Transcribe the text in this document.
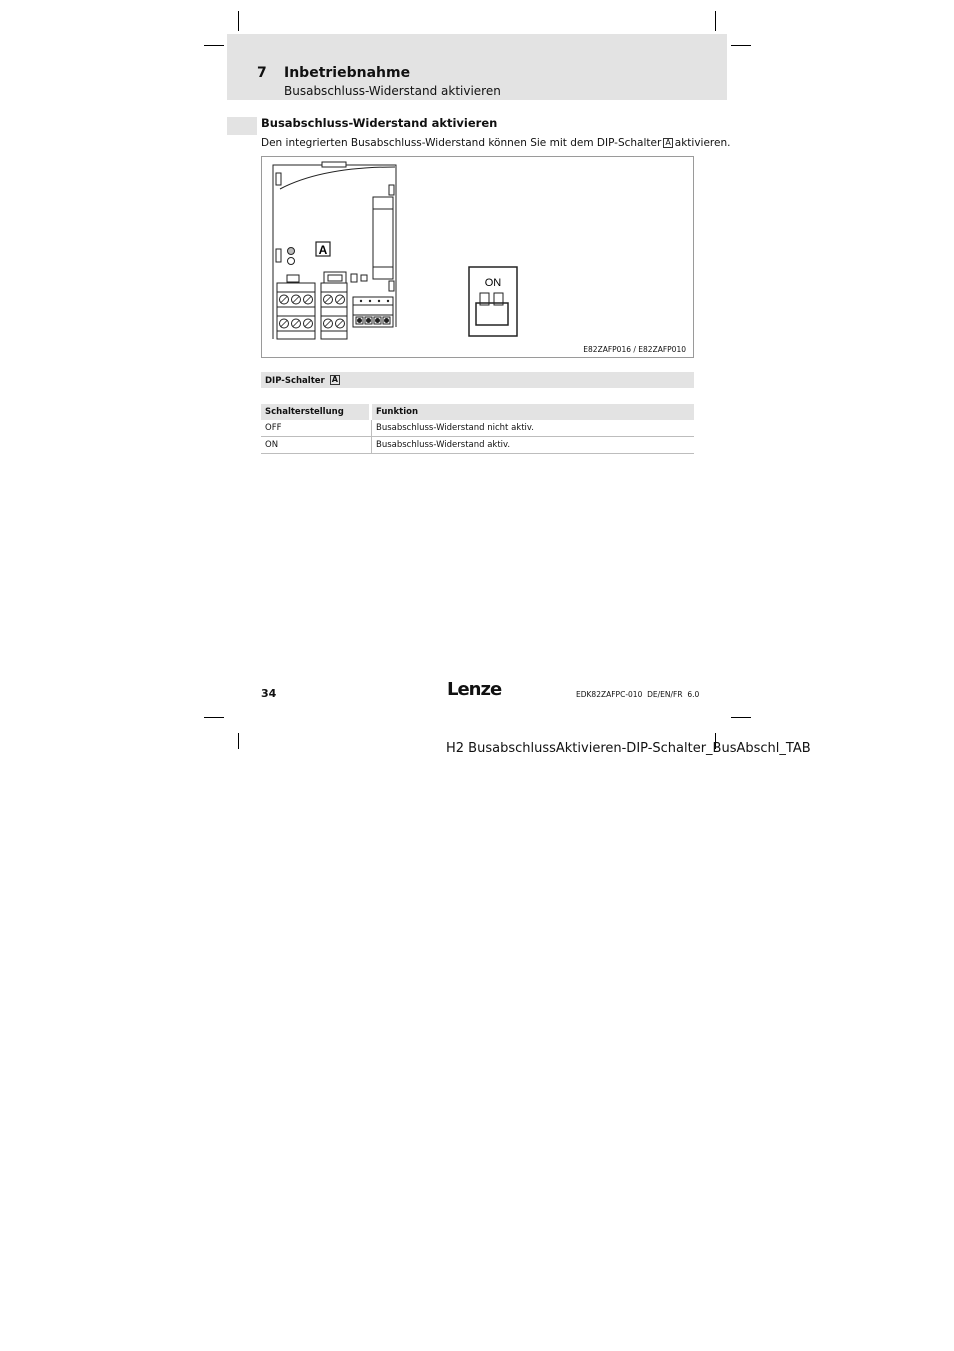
7 Inbetriebnahme
Busabschluss-Widerstand aktivieren
Busabschluss-Widerstand aktivieren
Den integrierten Busabschluss-Widerstand können Sie mit dem DIP-Schalter A aktivieren.
A
ON
E82ZAFP016 / E82ZAFP010
DIP-Schalter A	

Schalterstellung	Funktion
OFF	Busabschluss-Widerstand nicht aktiv.
ON	Busabschluss-Widerstand aktiv.
34	Lenze	EDK82ZAFPC-010  DE/EN/FR  6.0
H2 BusabschlussAktivieren-DIP-Schalter_BusAbschl_TAB
